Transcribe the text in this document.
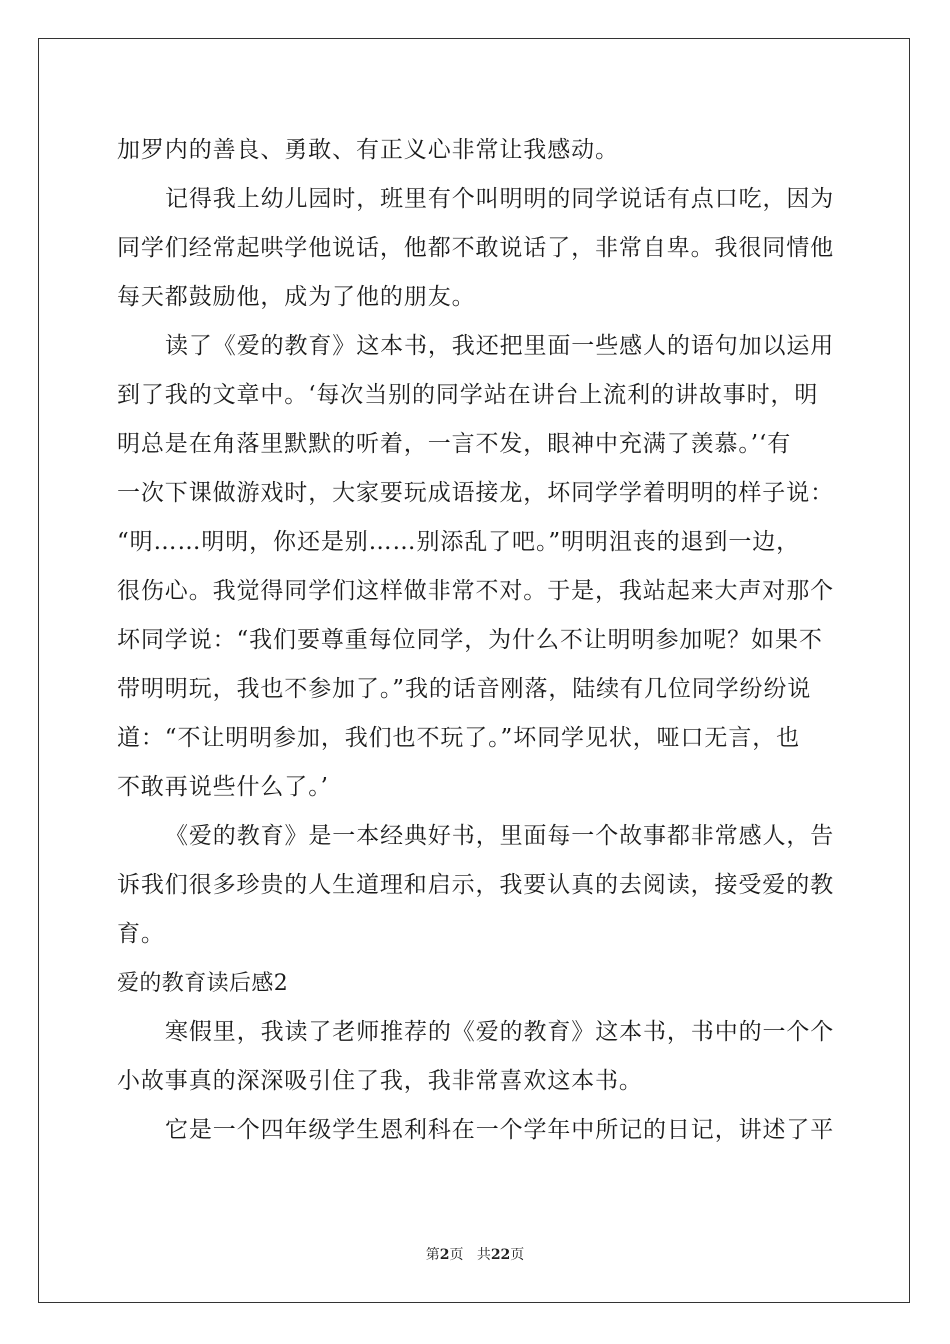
加罗内的善良、勇敢、有正义心非常让我感动。
记得我上幼儿园时，班里有个叫明明的同学说话有点口吃，因为
同学们经常起哄学他说话，他都不敢说话了，非常自卑。我很同情他
每天都鼓励他，成为了他的朋友。
读了《爱的教育》这本书，我还把里面一些感人的语句加以运用
到了我的文章中。‘每次当别的同学站在讲台上流利的讲故事时，明
明总是在角落里默默的听着，一言不发，眼神中充满了羡慕。’‘有
一次下课做游戏时，大家要玩成语接龙，坏同学学着明明的样子说：
“明……明明，你还是别……别添乱了吧。”明明沮丧的退到一边，
很伤心。我觉得同学们这样做非常不对。于是，我站起来大声对那个
坏同学说：“我们要尊重每位同学，为什么不让明明参加呢？如果不
带明明玩，我也不参加了。”我的话音刚落，陆续有几位同学纷纷说
道：“不让明明参加，我们也不玩了。”坏同学见状，哑口无言，也
不敢再说些什么了。’
《爱的教育》是一本经典好书，里面每一个故事都非常感人，告
诉我们很多珍贵的人生道理和启示，我要认真的去阅读，接受爱的教
育。
爱的教育读后感2
寒假里，我读了老师推荐的《爱的教育》这本书，书中的一个个
小故事真的深深吸引住了我，我非常喜欢这本书。
它是一个四年级学生恩利科在一个学年中所记的日记，讲述了平
第2页 共22页
